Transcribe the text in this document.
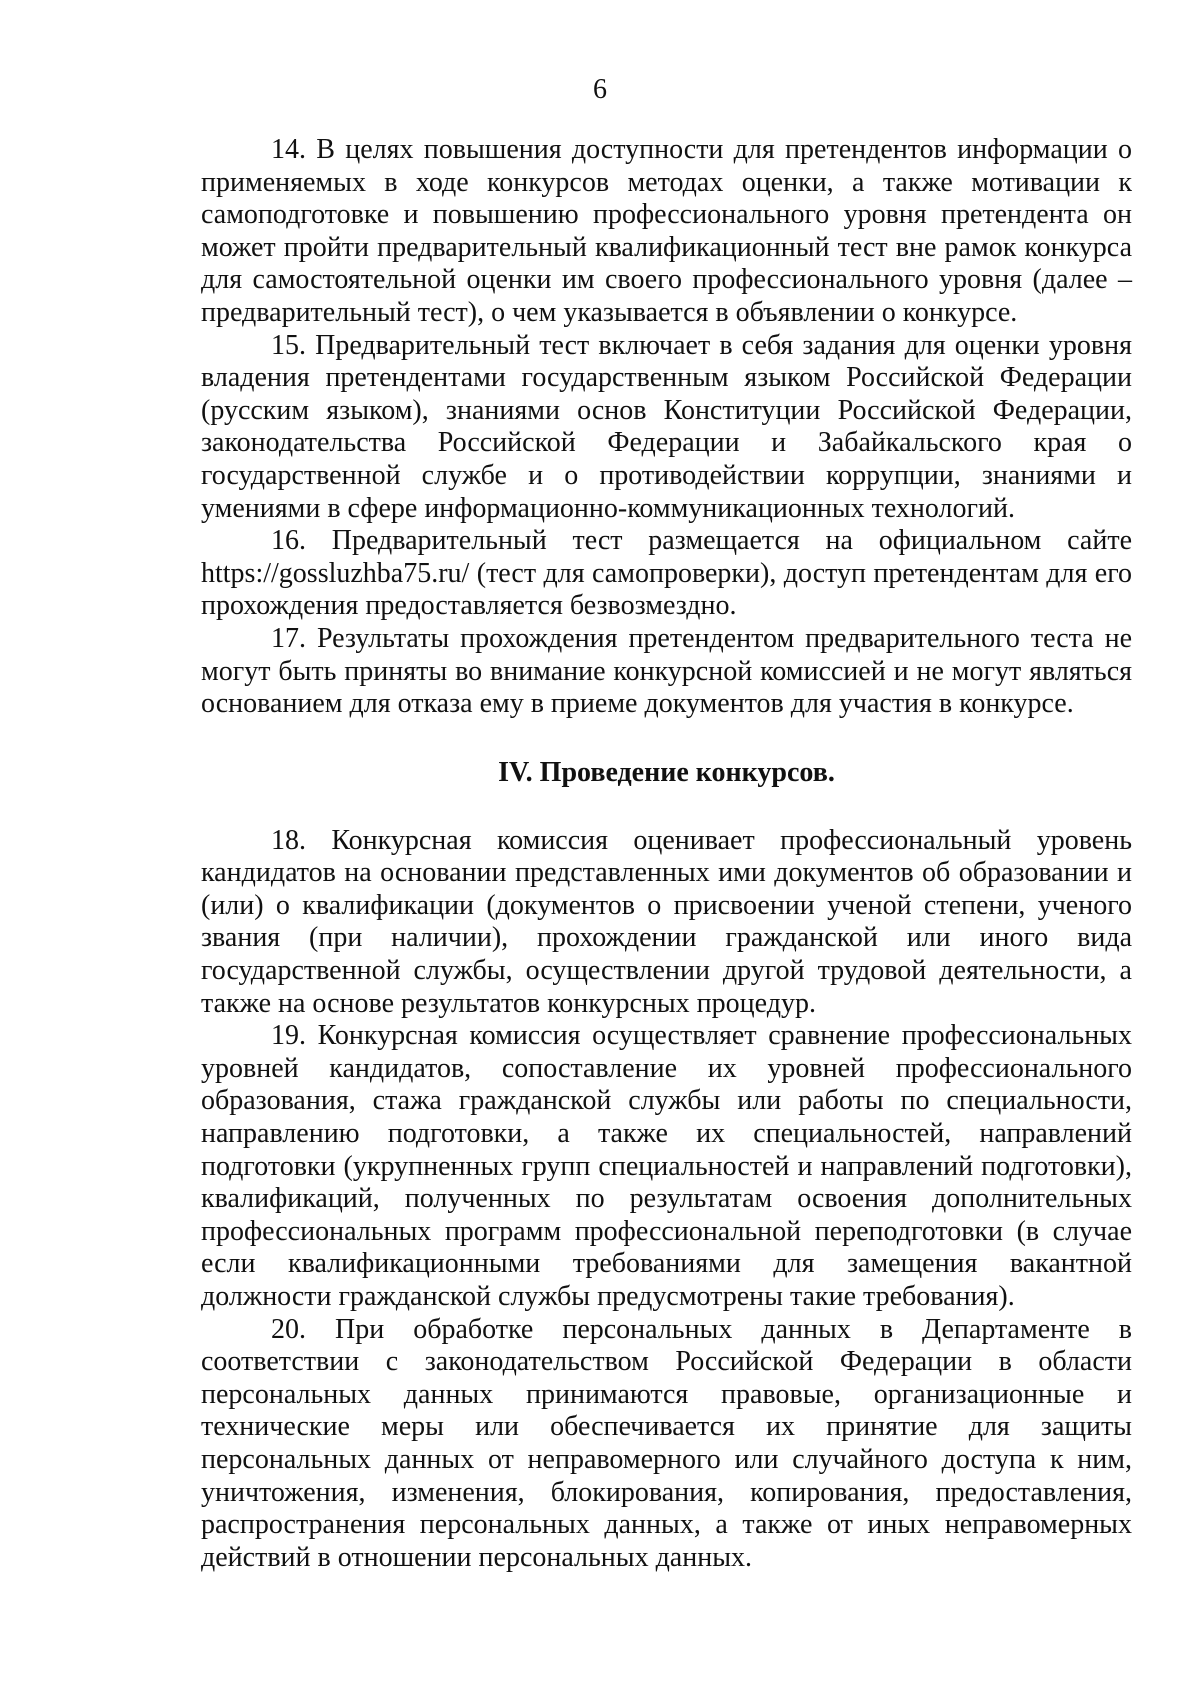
6

14. В целях повышения доступности для претендентов информации о применяемых в ходе конкурсов методах оценки, а также мотивации к самоподготовке и повышению профессионального уровня претендента он может пройти предварительный квалификационный тест вне рамок конкурса для самостоятельной оценки им своего профессионального уровня (далее – предварительный тест), о чем указывается в объявлении о конкурсе.

15. Предварительный тест включает в себя задания для оценки уровня владения претендентами государственным языком Российской Федерации (русским языком), знаниями основ Конституции Российской Федерации, законодательства Российской Федерации и Забайкальского края о государственной службе и о противодействии коррупции, знаниями и умениями в сфере информационно-коммуникационных технологий.

16. Предварительный тест размещается на официальном сайте https://gossluzhba75.ru/ (тест для самопроверки), доступ претендентам для его прохождения предоставляется безвозмездно.

17. Результаты прохождения претендентом предварительного теста не могут быть приняты во внимание конкурсной комиссией и не могут являться основанием для отказа ему в приеме документов для участия в конкурсе.

IV. Проведение конкурсов.

18. Конкурсная комиссия оценивает профессиональный уровень кандидатов на основании представленных ими документов об образовании и (или) о квалификации (документов о присвоении ученой степени, ученого звания (при наличии), прохождении гражданской или иного вида государственной службы, осуществлении другой трудовой деятельности, а также на основе результатов конкурсных процедур.

19. Конкурсная комиссия осуществляет сравнение профессиональных уровней кандидатов, сопоставление их уровней профессионального образования, стажа гражданской службы или работы по специальности, направлению подготовки, а также их специальностей, направлений подготовки (укрупненных групп специальностей и направлений подготовки), квалификаций, полученных по результатам освоения дополнительных профессиональных программ профессиональной переподготовки (в случае если квалификационными требованиями для замещения вакантной должности гражданской службы предусмотрены такие требования).

20. При обработке персональных данных в Департаменте в соответствии с законодательством Российской Федерации в области персональных данных принимаются правовые, организационные и технические меры или обеспечивается их принятие для защиты персональных данных от неправомерного или случайного доступа к ним, уничтожения, изменения, блокирования, копирования, предоставления, распространения персональных данных, а также от иных неправомерных действий в отношении персональных данных.
